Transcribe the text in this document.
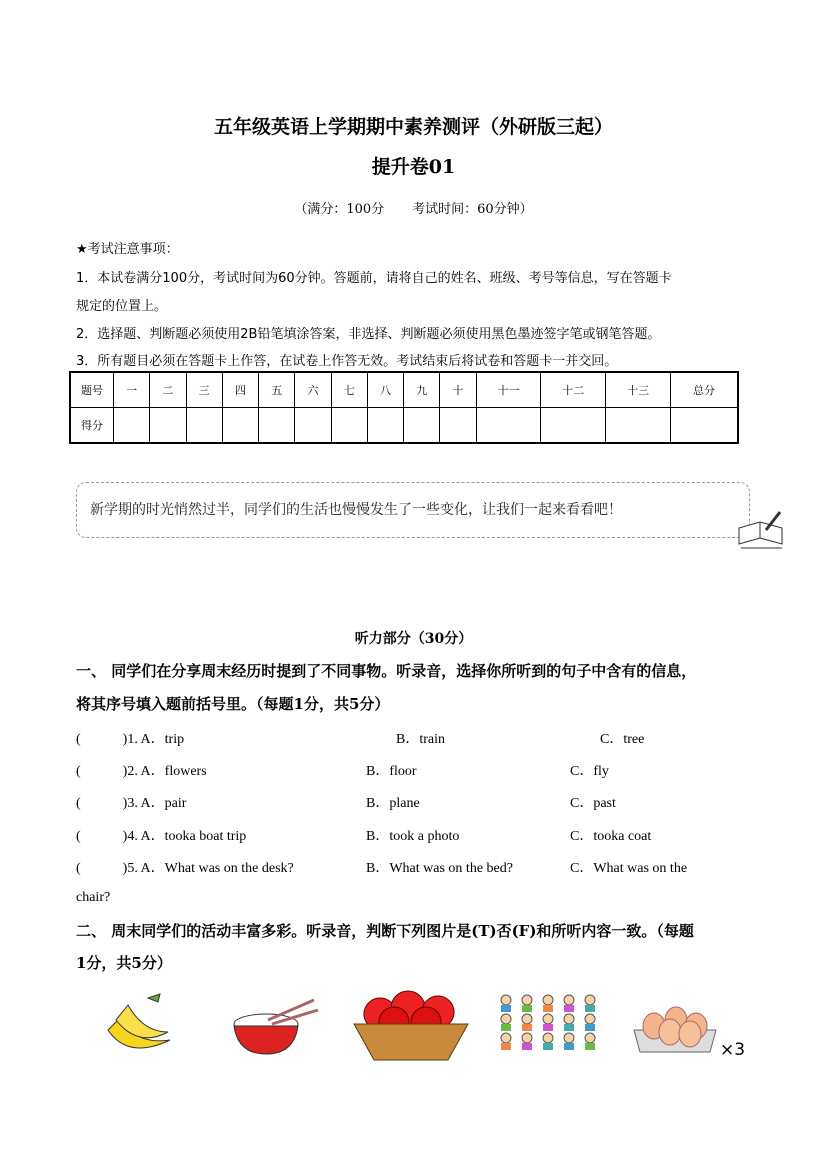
五年级英语上学期期中素养测评（外研版三起）
提升卷01
（满分：100分 考试时间：60分钟）
★考试注意事项：
1．本试卷满分100分，考试时间为60分钟。答题前，请将自己的姓名、班级、考号等信息，写在答题卡
规定的位置上。
2．选择题、判断题必须使用2B铅笔填涂答案，非选择、判断题必须使用黑色墨迹签字笔或钢笔答题。
3．所有题目必须在答题卡上作答，在试卷上作答无效。考试结束后将试卷和答题卡一并交回。
题号	一	二	三	四	五	六	七	八	九	十	十一	十二	十三	总分
得分														
新学期的时光悄然过半，同学们的生活也慢慢发生了一些变化，让我们一起来看看吧！
听力部分（30分）
一、 同学们在分享周末经历时提到了不同事物。听录音，选择你所听到的句子中含有的信息，
将其序号填入题前括号里。（每题1分，共5分）
(　　　)1. A．trip	B．train	C．tree
(　　　)2. A．flowers	B．floor	C．fly
(　　　)3. A．pair	B．plane	C．past
(　　　)4. A．tooka boat trip	B．took a photo	C．tooka coat
(　　　)5. A．What was on the desk?	B．What was on the bed?	C．What was on the
chair?
二、 周末同学们的活动丰富多彩。听录音，判断下列图片是(T)否(F)和所听内容一致。（每题
1分，共5分）
×3
